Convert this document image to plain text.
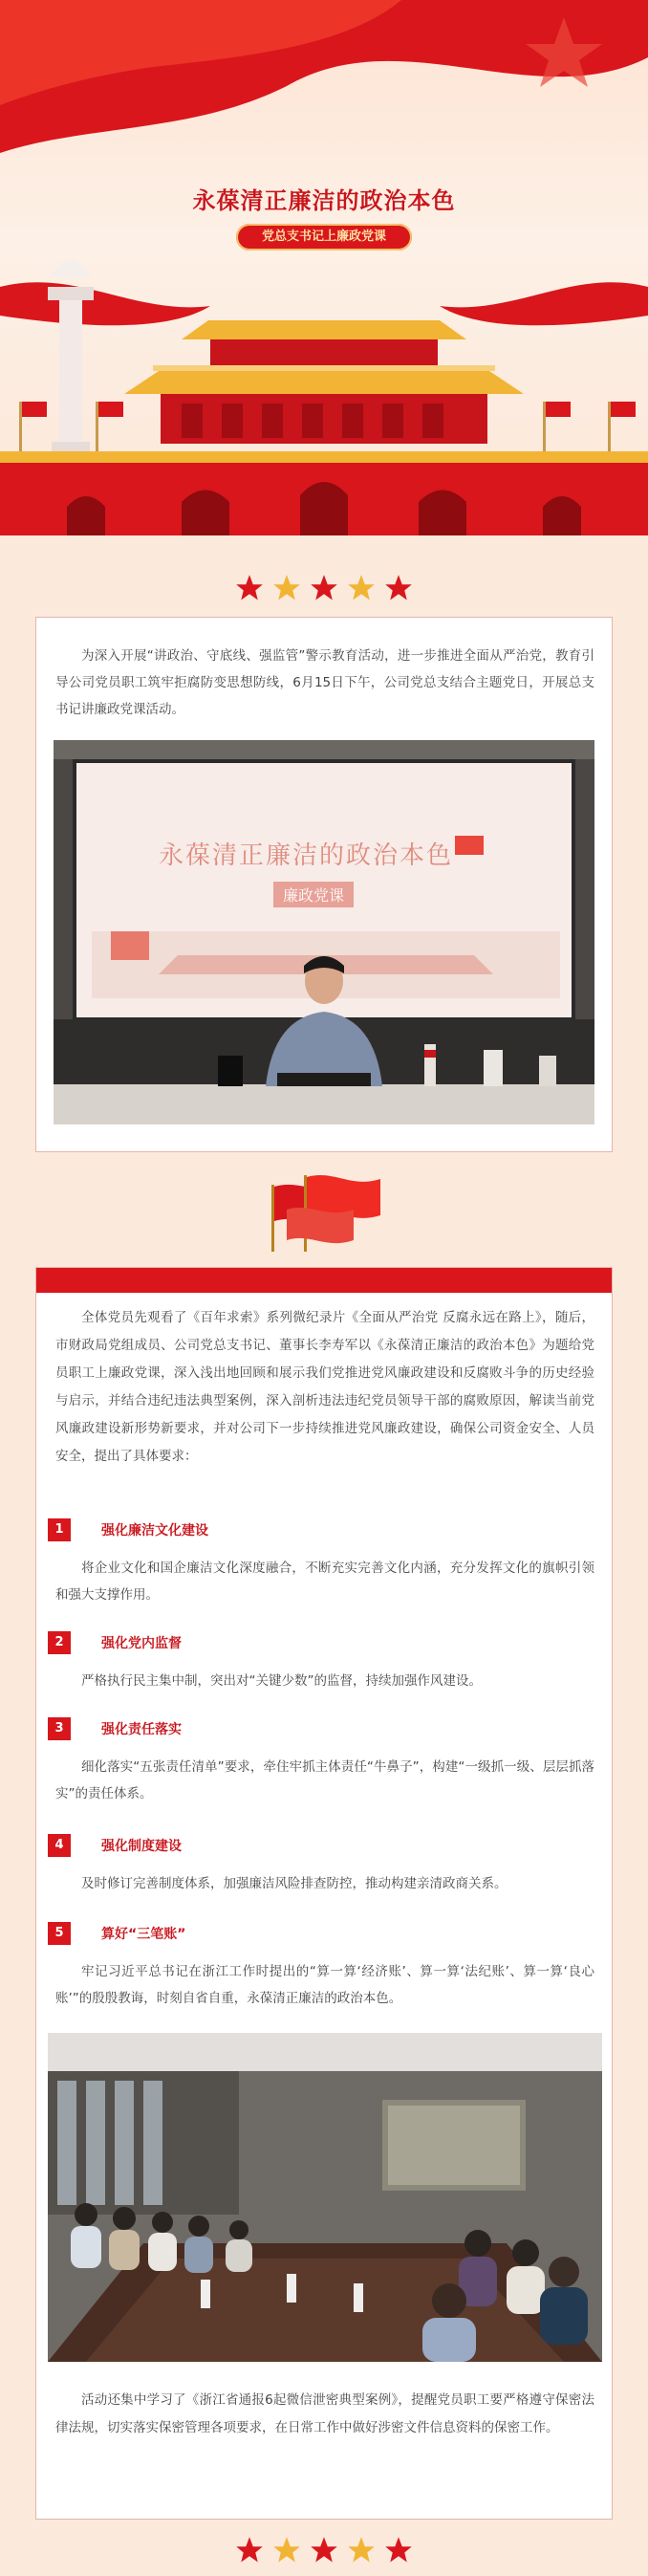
永葆清正廉洁的政治本色
党总支书记上廉政党课

为深入开展“讲政治、守底线、强监管”警示教育活动，进一步推进全面从严治党，教育引导公司党员职工筑牢拒腐防变思想防线，6月15日下午，公司党总支结合主题党日，开展总支书记讲廉政党课活动。

永葆清正廉洁的政治本色
廉政党课

全体党员先观看了《百年求索》系列微纪录片《全面从严治党 反腐永远在路上》，随后，市财政局党组成员、公司党总支书记、董事长李寿军以《永葆清正廉洁的政治本色》为题给党员职工上廉政党课，深入浅出地回顾和展示我们党推进党风廉政建设和反腐败斗争的历史经验与启示，并结合违纪违法典型案例，深入剖析违法违纪党员领导干部的腐败原因，解读当前党风廉政建设新形势新要求，并对公司下一步持续推进党风廉政建设，确保公司资金安全、人员安全，提出了具体要求：

1	强化廉洁文化建设

将企业文化和国企廉洁文化深度融合，不断充实完善文化内涵，充分发挥文化的旗帜引领和强大支撑作用。

2	强化党内监督

严格执行民主集中制，突出对“关键少数”的监督，持续加强作风建设。

3	强化责任落实

细化落实“五张责任清单”要求，牵住牢抓主体责任“牛鼻子”，构建“一级抓一级、层层抓落实”的责任体系。

4	强化制度建设

及时修订完善制度体系，加强廉洁风险排查防控，推动构建亲清政商关系。

5	算好“三笔账”

牢记习近平总书记在浙江工作时提出的“算一算‘经济账’、算一算‘法纪账’、算一算‘良心账’”的殷殷教诲，时刻自省自重，永葆清正廉洁的政治本色。

活动还集中学习了《浙江省通报6起微信泄密典型案例》，提醒党员职工要严格遵守保密法律法规，切实落实保密管理各项要求，在日常工作中做好涉密文件信息资料的保密工作。
